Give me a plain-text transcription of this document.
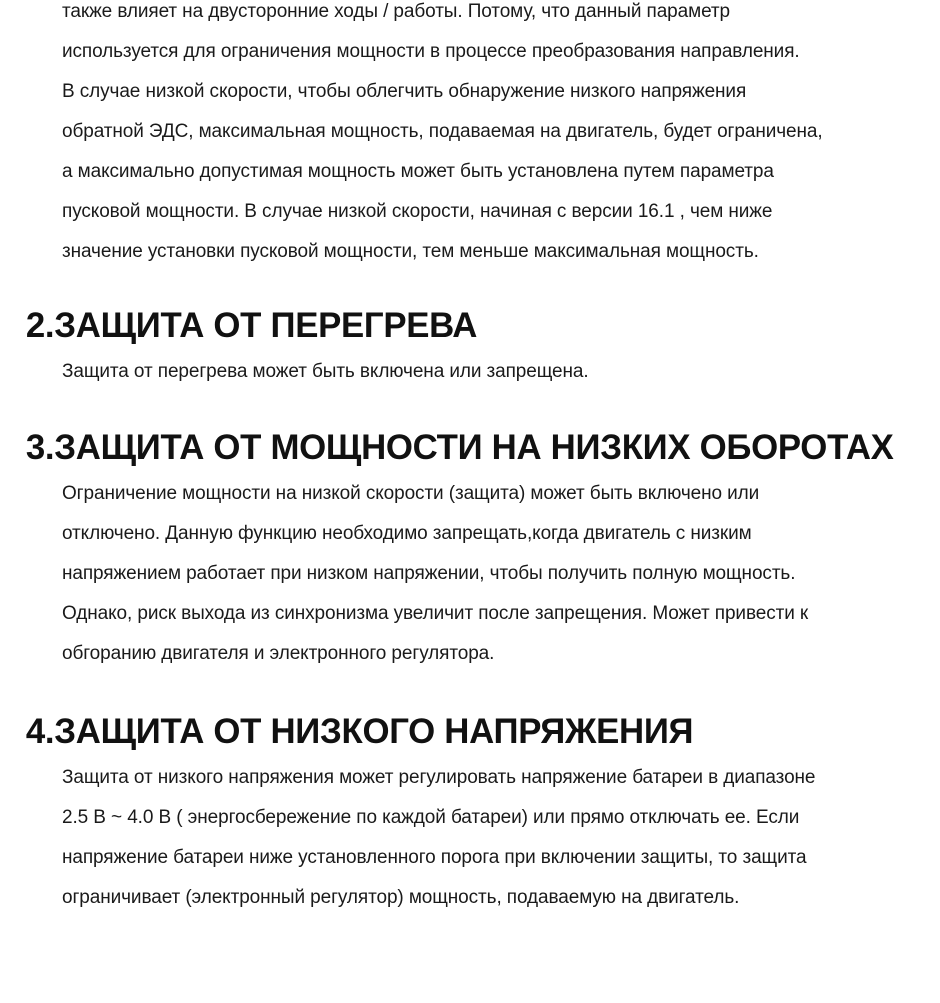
также влияет на двусторонние ходы / работы. Потому, что данный параметр
используется для ограничения мощности в процессе преобразования направления.
В случае низкой скорости, чтобы облегчить обнаружение низкого напряжения
обратной ЭДС, максимальная мощность, подаваемая на двигатель, будет ограничена,
а максимально допустимая мощность может быть установлена путем параметра
пусковой мощности. В случае низкой скорости, начиная с версии 16.1 , чем ниже
значение установки пусковой мощности, тем меньше максимальная мощность.
2.ЗАЩИТА ОТ ПЕРЕГРЕВА
Защита от перегрева может быть включена или запрещена.
3.ЗАЩИТА ОТ МОЩНОСТИ НА НИЗКИХ ОБОРОТАХ
Ограничение мощности на низкой скорости (защита) может быть включено или
отключено. Данную функцию необходимо запрещать,когда двигатель с низким
напряжением работает при низком напряжении, чтобы получить полную мощность.
Однако, риск выхода из синхронизма увеличит после запрещения. Может привести к
обгоранию двигателя и электронного регулятора.
4.ЗАЩИТА ОТ НИЗКОГО НАПРЯЖЕНИЯ
Защита от низкого напряжения может регулировать напряжение батареи в диапазоне
2.5 В ~ 4.0 В ( энергосбережение по каждой батареи) или прямо отключать ее. Если
напряжение батареи ниже установленного порога при включении защиты, то защита
ограничивает (электронный регулятор) мощность, подаваемую на двигатель.
